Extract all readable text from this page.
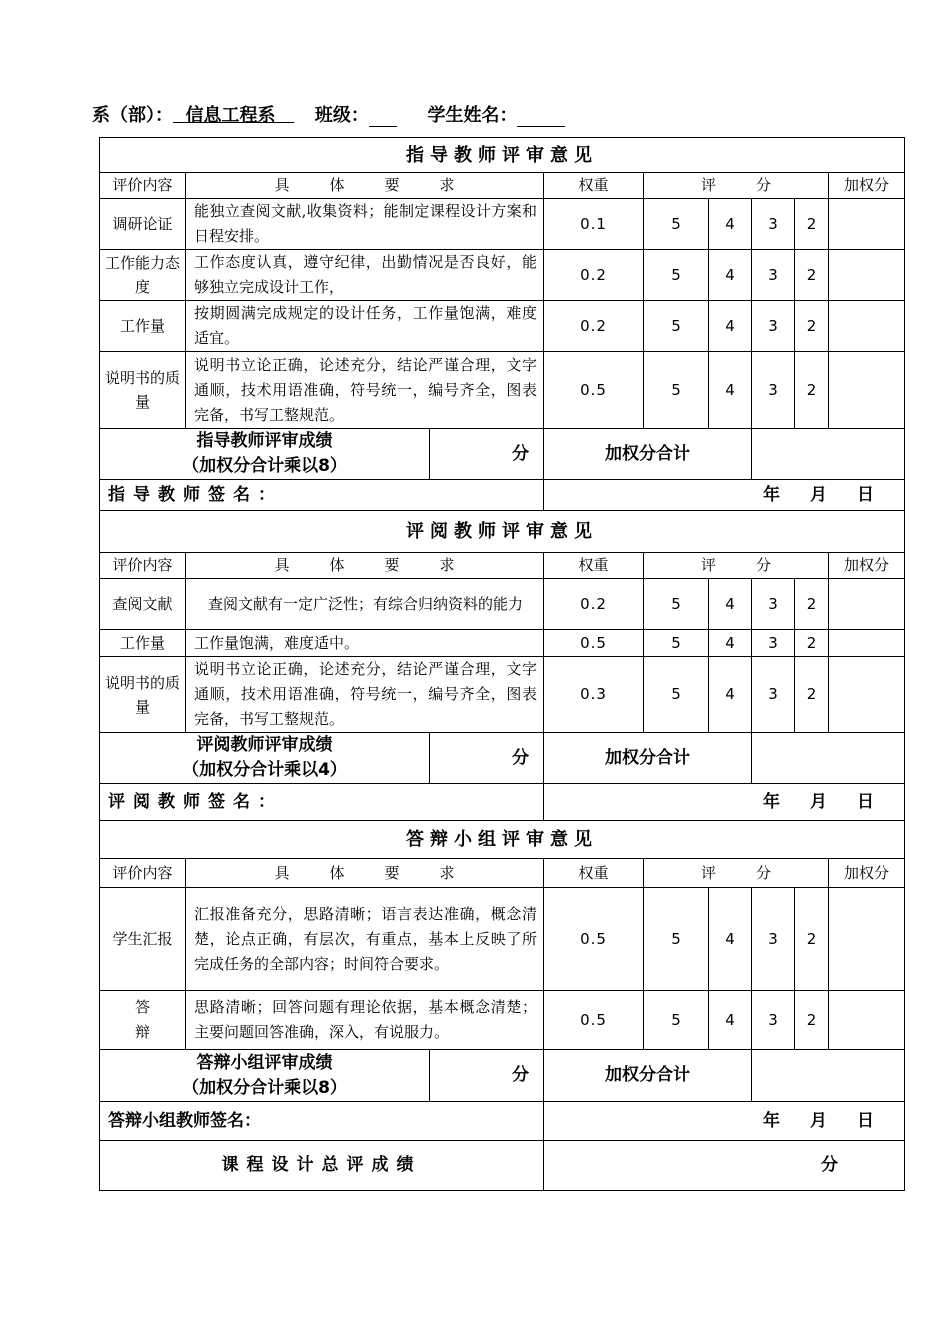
系（部）： 信息工程系 班级：	学生姓名：
指导教师评审意见								
评价内容	具 体 要 求		权重	评 分				加权分
调研论证	能独立查阅文献,收集资料；能制定课程设计方案和日程安排。		0.1	5	4	3	2	
工作能力态度	工作态度认真，遵守纪律，出勤情况是否良好，能够独立完成设计工作，		0.2	5	4	3	2	
工作量	按期圆满完成规定的设计任务，工作量饱满，难度适宜。		0.2	5	4	3	2	
说明书的质量	说明书立论正确，论述充分，结论严谨合理，文字通顺，技术用语准确，符号统一，编号齐全，图表完备，书写工整规范。		0.5	5	4	3	2	

指导教师评审成绩
（加权分合计乘以8）		分	加权分合计					
指导教师签名：			年 月 日					
评阅教师评审意见								
评价内容	具 体 要 求		权重	评 分				加权分
查阅文献	查阅文献有一定广泛性；有综合归纳资料的能力		0.2	5	4	3	2	
工作量	工作量饱满，难度适中。		0.5	5	4	3	2	
说明书的质量	说明书立论正确，论述充分，结论严谨合理，文字通顺，技术用语准确，符号统一，编号齐全，图表完备，书写工整规范。		0.3	5	4	3	2	

评阅教师评审成绩
（加权分合计乘以4）		分	加权分合计					
评阅教师签名：			年 月 日					
答辩小组评审意见								
评价内容	具 体 要 求		权重	评 分				加权分
学生汇报	汇报准备充分，思路清晰；语言表达准确，概念清楚，论点正确，有层次，有重点，基本上反映了所完成任务的全部内容；时间符合要求。		0.5	5	4	3	2	
答辩	思路清晰；回答问题有理论依据，基本概念清楚；主要问题回答准确，深入，有说服力。		0.5	5	4	3	2	

答辩小组评审成绩
（加权分合计乘以8）		分	加权分合计					
答辩小组教师签名：			年 月 日					
课程设计总评成绩			分					
